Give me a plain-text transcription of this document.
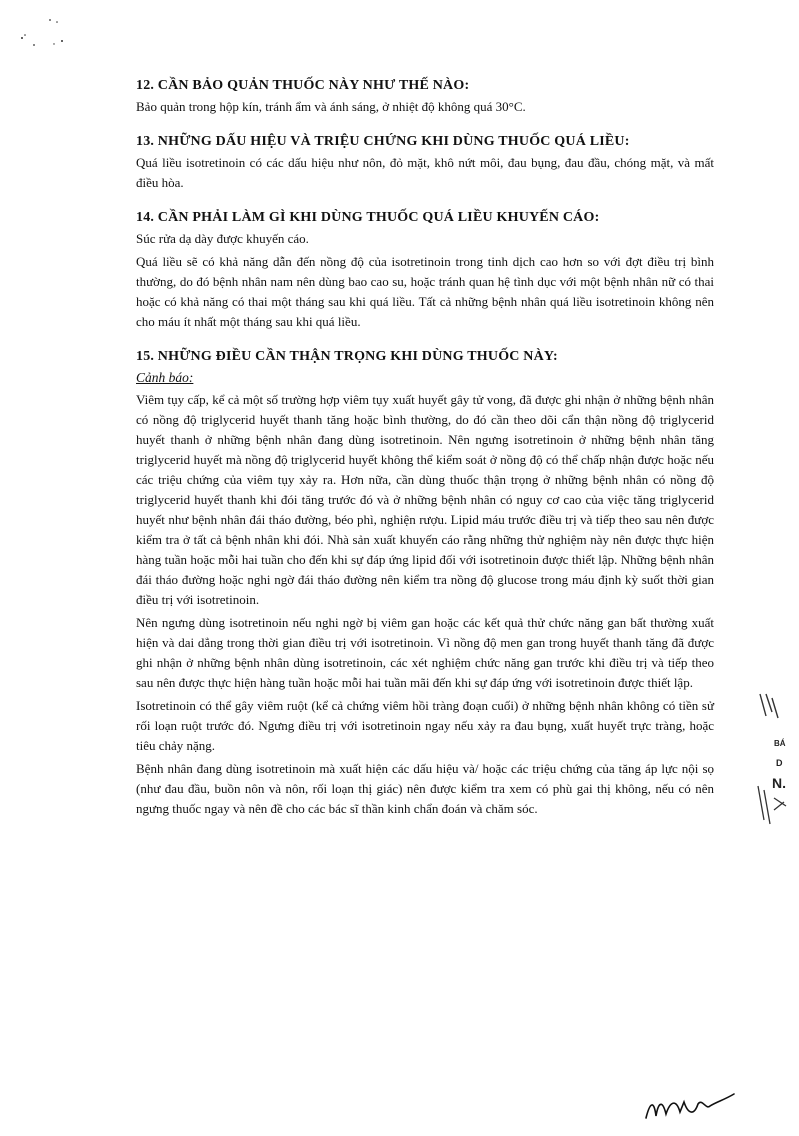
12. CẦN BẢO QUẢN THUỐC NÀY NHƯ THẾ NÀO:
Bảo quản trong hộp kín, tránh ẩm và ánh sáng, ở nhiệt độ không quá 30°C.
13. NHỮNG DẤU HIỆU VÀ TRIỆU CHỨNG KHI DÙNG THUỐC QUÁ LIỀU:
Quá liều isotretinoin có các dấu hiệu như nôn, đỏ mặt, khô nứt môi, đau bụng, đau đầu, chóng mặt, và mất điều hòa.
14. CẦN PHẢI LÀM GÌ KHI DÙNG THUỐC QUÁ LIỀU KHUYẾN CÁO:
Súc rửa dạ dày được khuyến cáo.
Quá liều sẽ có khả năng dẫn đến nồng độ của isotretinoin trong tinh dịch cao hơn so với đợt điều trị bình thường, do đó bệnh nhân nam nên dùng bao cao su, hoặc tránh quan hệ tình dục với một bệnh nhân nữ có thai hoặc có khả năng có thai một tháng sau khi quá liều. Tất cả những bệnh nhân quá liều isotretinoin không nên cho máu ít nhất một tháng sau khi quá liều.
15. NHỮNG ĐIỀU CẦN THẬN TRỌNG KHI DÙNG THUỐC NÀY:
Cảnh báo:
Viêm tụy cấp, kể cả một số trường hợp viêm tụy xuất huyết gây tử vong, đã được ghi nhận ở những bệnh nhân có nồng độ triglycerid huyết thanh tăng hoặc bình thường, do đó cần theo dõi cẩn thận nồng độ triglycerid huyết thanh ở những bệnh nhân đang dùng isotretinoin. Nên ngưng isotretinoin ở những bệnh nhân tăng triglycerid huyết mà nồng độ triglycerid huyết không thể kiểm soát ở nồng độ có thể chấp nhận được hoặc nếu các triệu chứng của viêm tụy xảy ra. Hơn nữa, cần dùng thuốc thận trọng ở những bệnh nhân có nồng độ triglycerid huyết thanh khi đói tăng trước đó và ở những bệnh nhân có nguy cơ cao của việc tăng triglycerid huyết như bệnh nhân đái tháo đường, béo phì, nghiện rượu. Lipid máu trước điều trị và tiếp theo sau nên được kiểm tra ở tất cả bệnh nhân khi đói. Nhà sản xuất khuyến cáo rằng những thử nghiệm này nên được thực hiện hàng tuần hoặc mỗi hai tuần cho đến khi sự đáp ứng lipid đối với isotretinoin được thiết lập. Những bệnh nhân đái tháo đường hoặc nghi ngờ đái tháo đường nên kiểm tra nồng độ glucose trong máu định kỳ suốt thời gian điều trị với isotretinoin.
Nên ngưng dùng isotretinoin nếu nghi ngờ bị viêm gan hoặc các kết quả thử chức năng gan bất thường xuất hiện và dai dẳng trong thời gian điều trị với isotretinoin. Vì nồng độ men gan trong huyết thanh tăng đã được ghi nhận ở những bệnh nhân dùng isotretinoin, các xét nghiệm chức năng gan trước khi điều trị và tiếp theo sau nên được thực hiện hàng tuần hoặc mỗi hai tuần mãi đến khi sự đáp ứng với isotretinoin được thiết lập.
Isotretinoin có thể gây viêm ruột (kể cả chứng viêm hồi tràng đoạn cuối) ở những bệnh nhân không có tiền sử rối loạn ruột trước đó. Ngưng điều trị với isotretinoin ngay nếu xảy ra đau bụng, xuất huyết trực tràng, hoặc tiêu chảy nặng.
Bệnh nhân đang dùng isotretinoin mà xuất hiện các dấu hiệu và/ hoặc các triệu chứng của tăng áp lực nội sọ (như đau đầu, buồn nôn và nôn, rối loạn thị giác) nên được kiểm tra xem có phù gai thị không, nếu có nên ngưng thuốc ngay và nên đề cho các bác sĩ thần kinh chẩn đoán và chăm sóc.
BÁ
D
N.
